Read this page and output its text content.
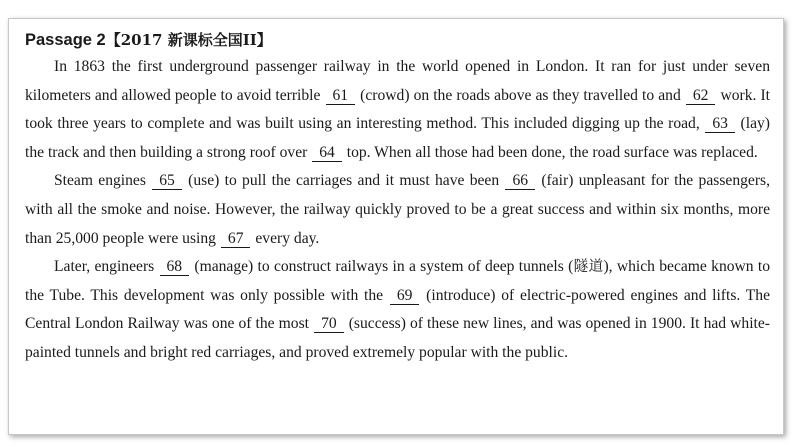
Passage 2【2017 新课标全国II】

In 1863 the first underground passenger railway in the world opened in London. It ran for just under seven kilometers and allowed people to avoid terrible 61 (crowd) on the roads above as they travelled to and 62 work. It took three years to complete and was built using an interesting method. This included digging up the road, 63 (lay) the track and then building a strong roof over 64 top. When all those had been done, the road surface was replaced.

Steam engines 65 (use) to pull the carriages and it must have been 66 (fair) unpleasant for the passengers, with all the smoke and noise. However, the railway quickly proved to be a great success and within six months, more than 25,000 people were using 67 every day.

Later, engineers 68 (manage) to construct railways in a system of deep tunnels (隧道), which became known to the Tube. This development was only possible with the 69 (introduce) of electric-powered engines and lifts. The Central London Railway was one of the most 70 (success) of these new lines, and was opened in 1900. It had white-painted tunnels and bright red carriages, and proved extremely popular with the public.
